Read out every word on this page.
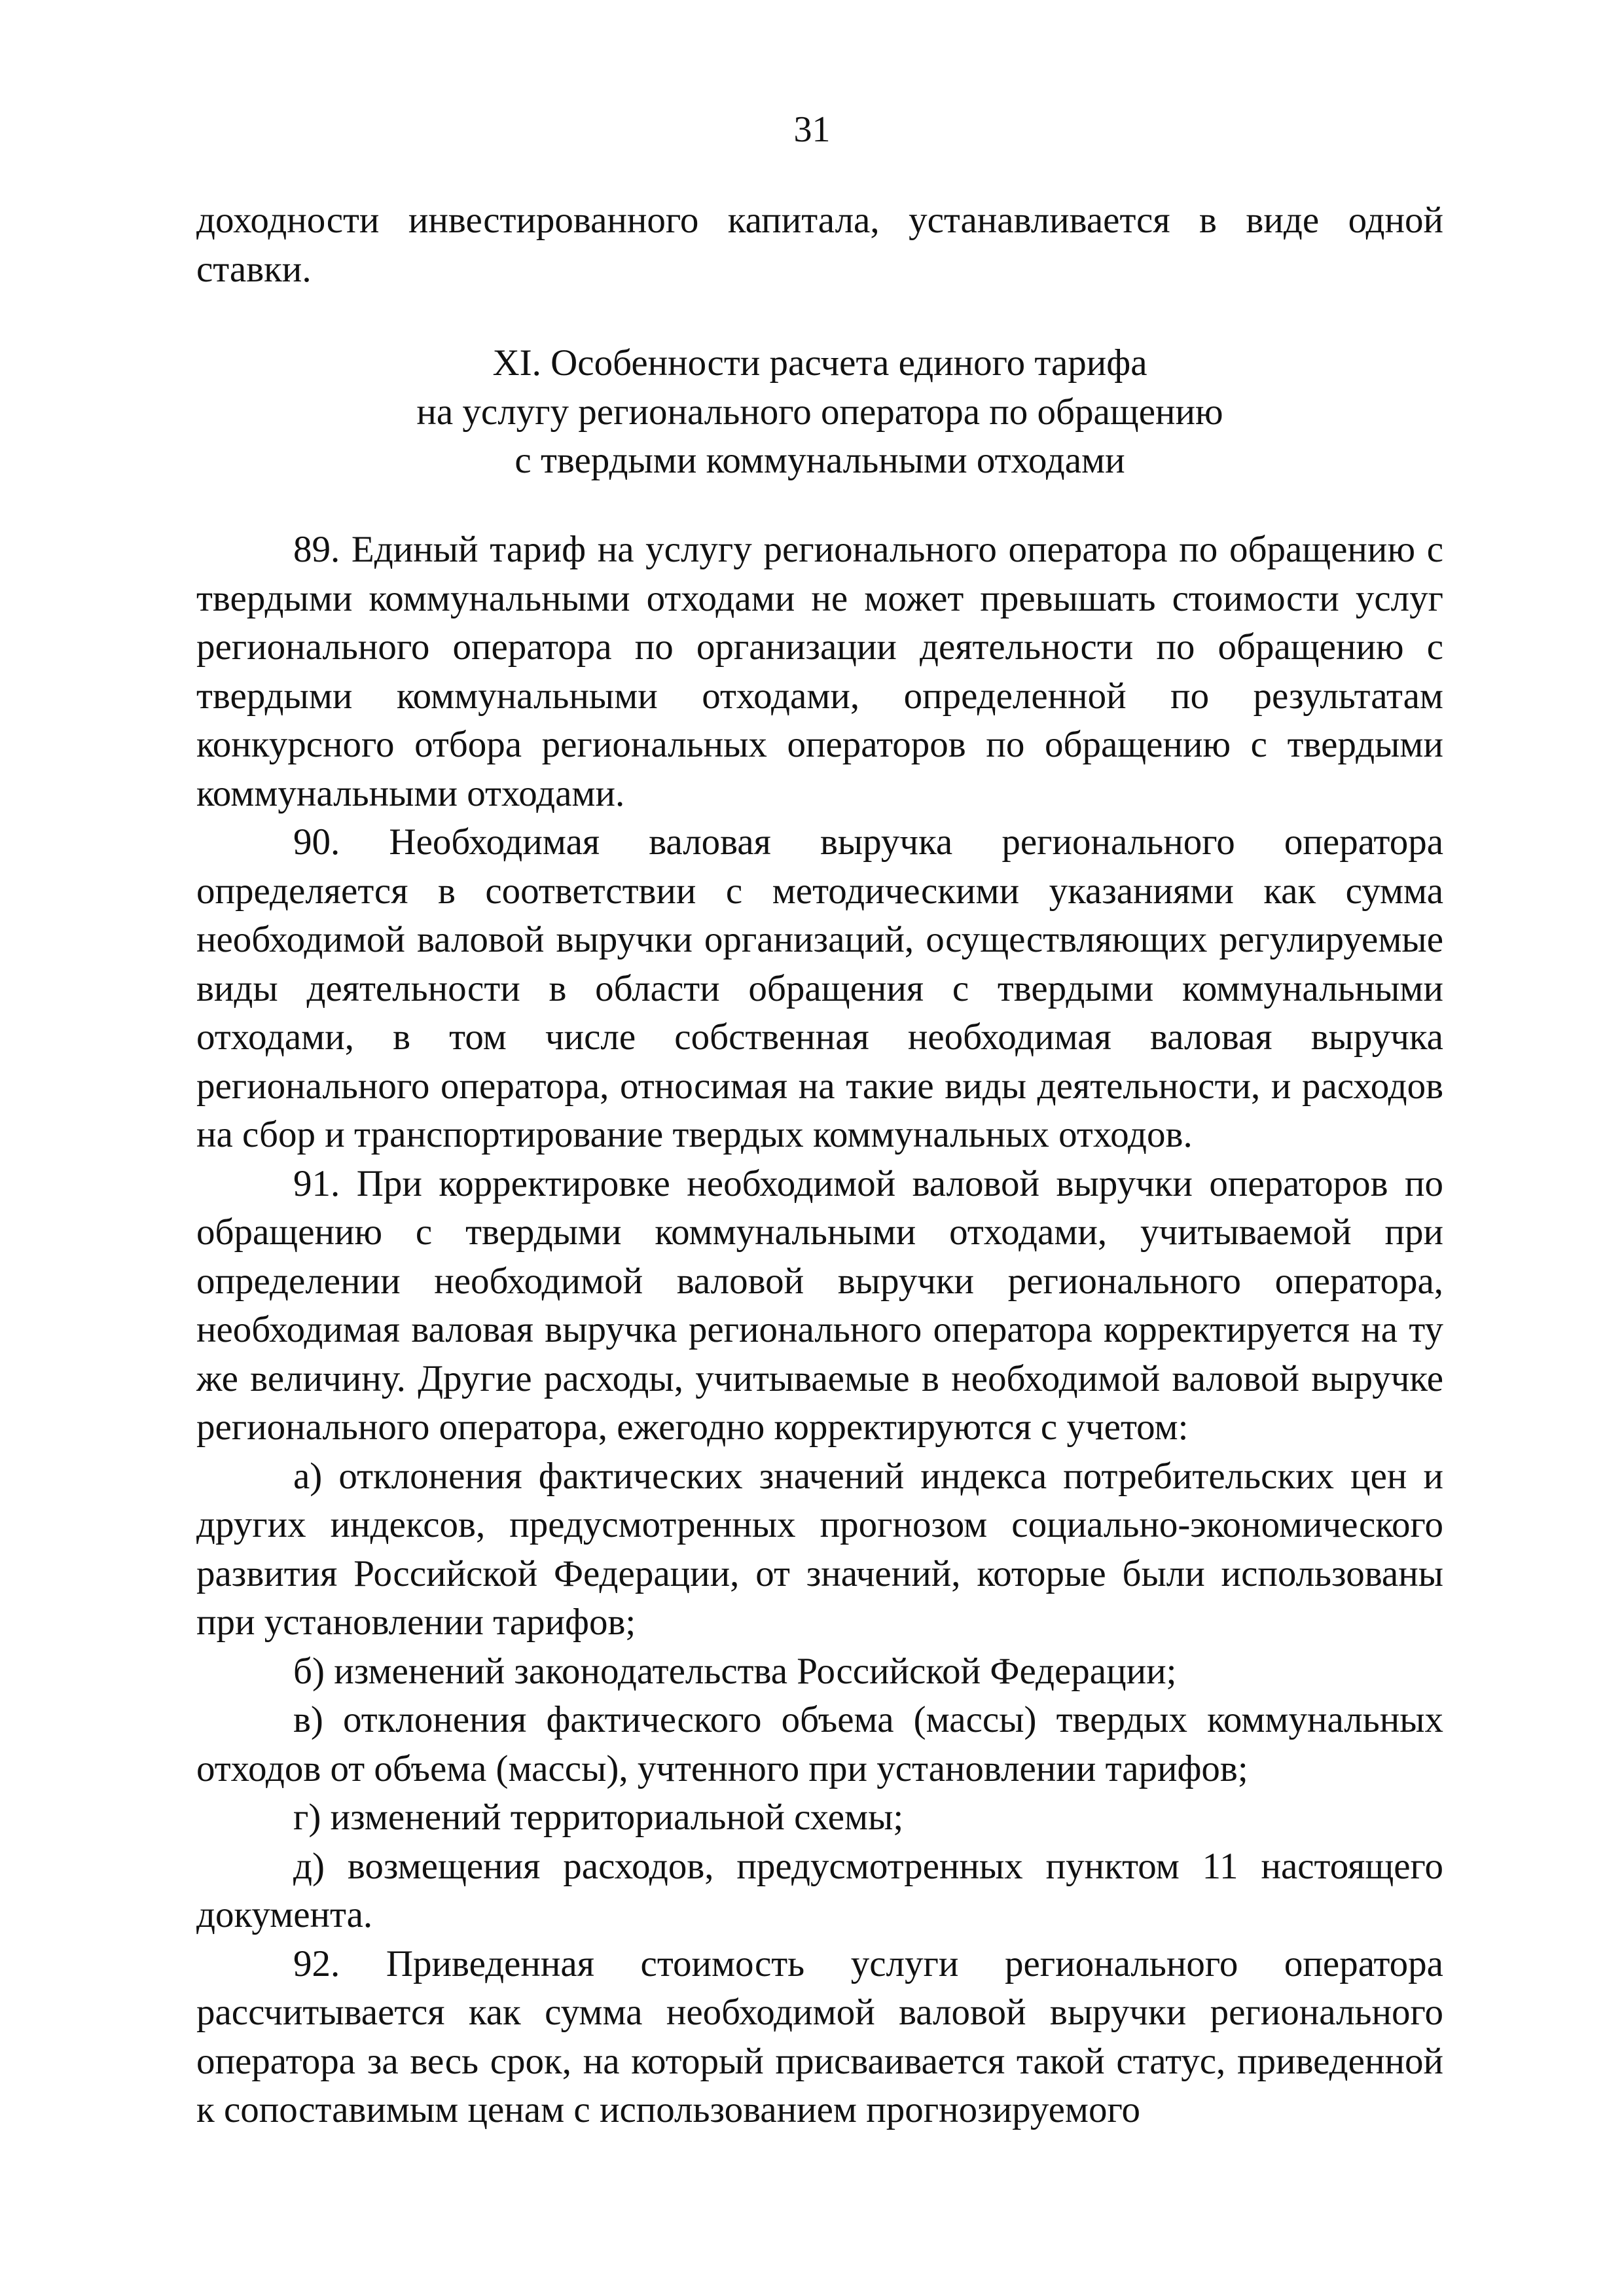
31

доходности инвестированного капитала, устанавливается в виде одной ставки.

XI. Особенности расчета единого тарифа
на услугу регионального оператора по обращению
с твердыми коммунальными отходами

89. Единый тариф на услугу регионального оператора по обращению с твердыми коммунальными отходами не может превышать стоимости услуг регионального оператора по организации деятельности по обращению с твердыми коммунальными отходами, определенной по результатам конкурсного отбора региональных операторов по обращению с твердыми коммунальными отходами.

90. Необходимая валовая выручка регионального оператора определяется в соответствии с методическими указаниями как сумма необходимой валовой выручки организаций, осуществляющих регулируемые виды деятельности в области обращения с твердыми коммунальными отходами, в том числе собственная необходимая валовая выручка регионального оператора, относимая на такие виды деятельности, и расходов на сбор и транспортирование твердых коммунальных отходов.

91. При корректировке необходимой валовой выручки операторов по обращению с твердыми коммунальными отходами, учитываемой при определении необходимой валовой выручки регионального оператора, необходимая валовая выручка регионального оператора корректируется на ту же величину. Другие расходы, учитываемые в необходимой валовой выручке регионального оператора, ежегодно корректируются с учетом:

а) отклонения фактических значений индекса потребительских цен и других индексов, предусмотренных прогнозом социально-экономического развития Российской Федерации, от значений, которые были использованы при установлении тарифов;

б) изменений законодательства Российской Федерации;

в) отклонения фактического объема (массы) твердых коммунальных отходов от объема (массы), учтенного при установлении тарифов;

г) изменений территориальной схемы;

д) возмещения расходов, предусмотренных пунктом 11 настоящего документа.

92. Приведенная стоимость услуги регионального оператора рассчитывается как сумма необходимой валовой выручки регионального оператора за весь срок, на который присваивается такой статус, приведенной к сопоставимым ценам с использованием прогнозируемого
